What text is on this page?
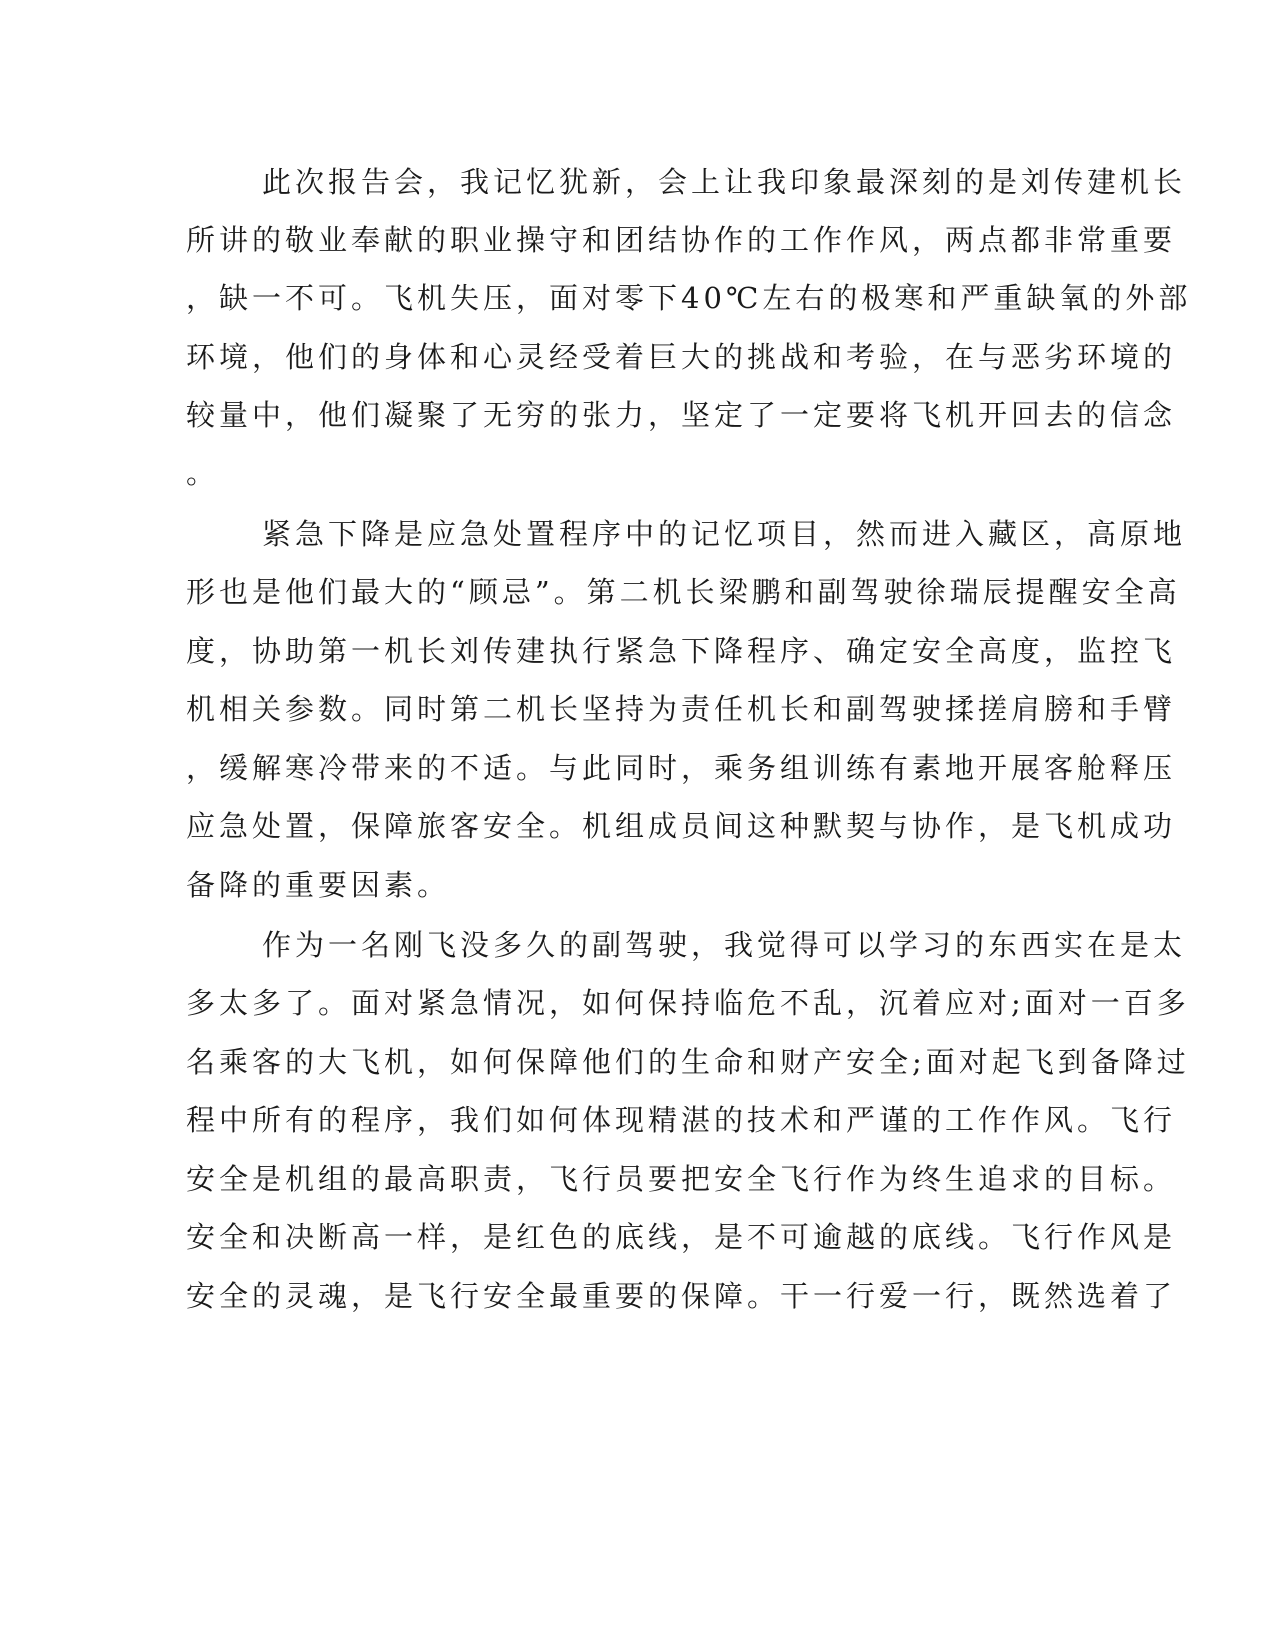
此次报告会，我记忆犹新，会上让我印象最深刻的是刘传建机长
所讲的敬业奉献的职业操守和团结协作的工作作风，两点都非常重要
，缺一不可。飞机失压，面对零下40℃左右的极寒和严重缺氧的外部
环境，他们的身体和心灵经受着巨大的挑战和考验，在与恶劣环境的
较量中，他们凝聚了无穷的张力，坚定了一定要将飞机开回去的信念
。
紧急下降是应急处置程序中的记忆项目，然而进入藏区，高原地
形也是他们最大的“顾忌”。第二机长梁鹏和副驾驶徐瑞辰提醒安全高
度，协助第一机长刘传建执行紧急下降程序、确定安全高度，监控飞
机相关参数。同时第二机长坚持为责任机长和副驾驶揉搓肩膀和手臂
，缓解寒冷带来的不适。与此同时，乘务组训练有素地开展客舱释压
应急处置，保障旅客安全。机组成员间这种默契与协作，是飞机成功
备降的重要因素。
作为一名刚飞没多久的副驾驶，我觉得可以学习的东西实在是太
多太多了。面对紧急情况，如何保持临危不乱，沉着应对;面对一百多
名乘客的大飞机，如何保障他们的生命和财产安全;面对起飞到备降过
程中所有的程序，我们如何体现精湛的技术和严谨的工作作风。飞行
安全是机组的最高职责，飞行员要把安全飞行作为终生追求的目标。
安全和决断高一样，是红色的底线，是不可逾越的底线。飞行作风是
安全的灵魂，是飞行安全最重要的保障。干一行爱一行，既然选着了
